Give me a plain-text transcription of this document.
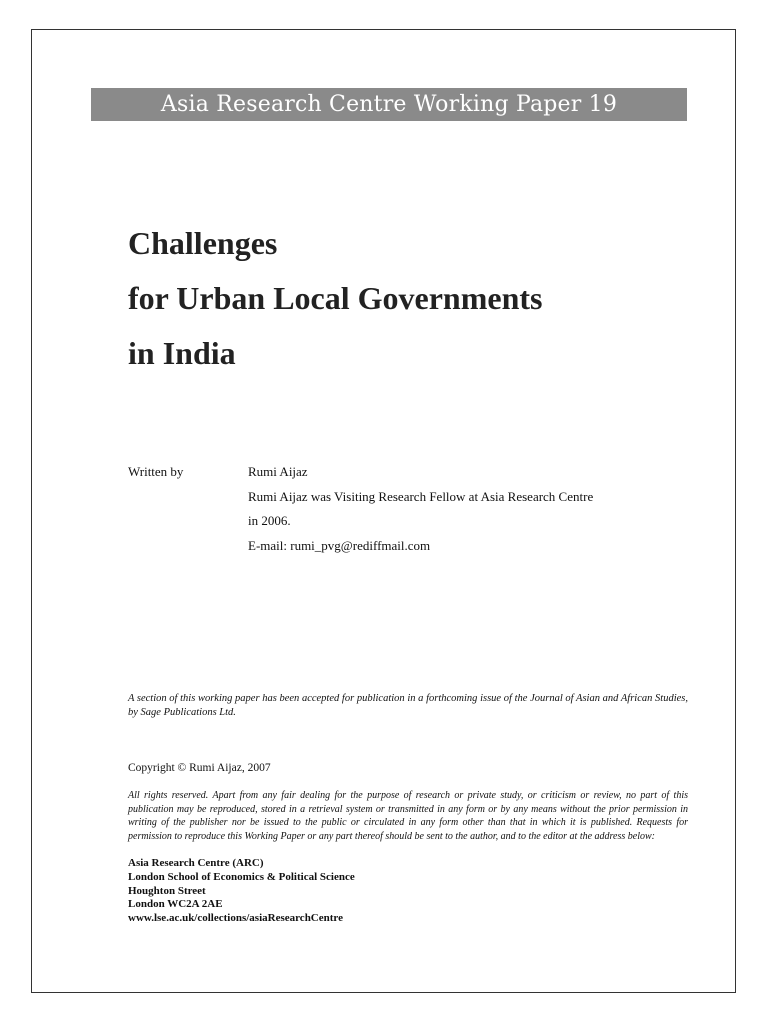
Asia Research Centre Working Paper 19
Challenges
for Urban Local Governments
in India
Written by	Rumi Aijaz
Rumi Aijaz was Visiting Research Fellow at Asia Research Centre
in 2006.
E-mail: rumi_pvg@rediffmail.com
A section of this working paper has been accepted for publication in a forthcoming issue of the Journal of Asian and African Studies, by Sage Publications Ltd.
Copyright © Rumi Aijaz, 2007
All rights reserved. Apart from any fair dealing for the purpose of research or private study, or criticism or review, no part of this publication may be reproduced, stored in a retrieval system or transmitted in any form or by any means without the prior permission in writing of the publisher nor be issued to the public or circulated in any form other than that in which it is published. Requests for permission to reproduce this Working Paper or any part thereof should be sent to the author, and to the editor at the address below:
Asia Research Centre (ARC)
London School of Economics & Political Science
Houghton Street
London WC2A 2AE
www.lse.ac.uk/collections/asiaResearchCentre
